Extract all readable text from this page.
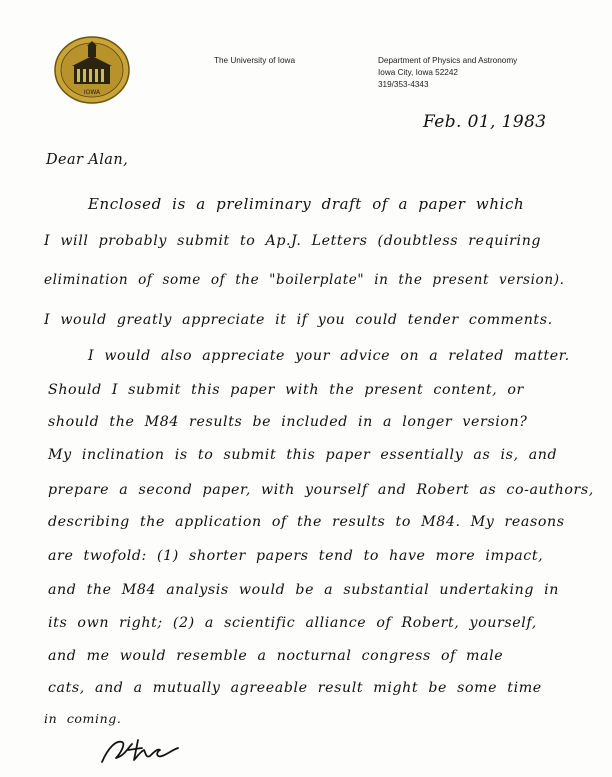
IOWA
The University of Iowa	Department of Physics and Astronomy
Iowa City, Iowa 52242
319/353-4343
Feb. 01, 1983
Dear Alan,
Enclosed is a preliminary draft of a paper which
I will probably submit to Ap.J. Letters (doubtless requiring
elimination of some of the "boilerplate" in the present version).
I would greatly appreciate it if you could tender comments.
I would also appreciate your advice on a related matter.
Should I submit this paper with the present content, or
should the M84 results be included in a longer version?
My inclination is to submit this paper essentially as is, and
prepare a second paper, with yourself and Robert as co-authors,
describing the application of the results to M84. My reasons
are twofold: (1) shorter papers tend to have more impact,
and the M84 analysis would be a substantial undertaking in
its own right; (2) a scientific alliance of Robert, yourself,
and me would resemble a nocturnal congress of male
cats, and a mutually agreeable result might be some time
in coming.
